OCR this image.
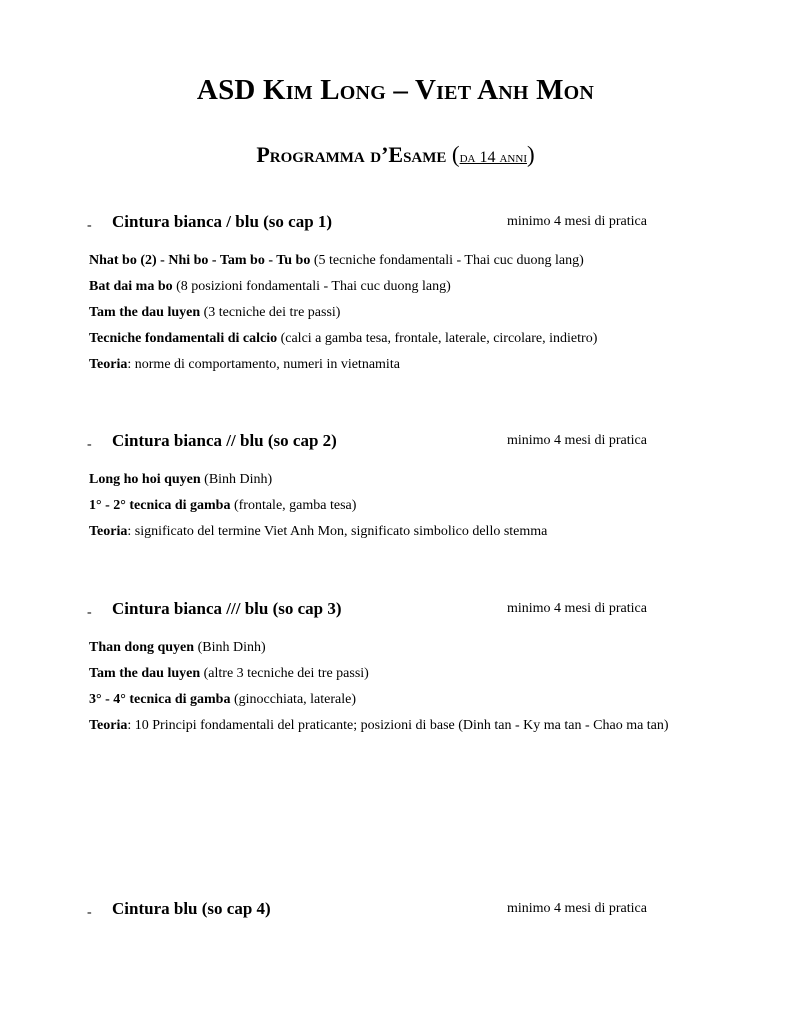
ASD Kim Long – Viet Anh Mon
Programma d’Esame (da 14 anni)
- Cintura bianca / blu (so cap 1)	minimo 4 mesi di pratica
Nhat bo (2) - Nhi bo - Tam bo - Tu bo (5 tecniche fondamentali - Thai cuc duong lang)
Bat dai ma bo (8 posizioni fondamentali - Thai cuc duong lang)
Tam the dau luyen (3 tecniche dei tre passi)
Tecniche fondamentali di calcio (calci a gamba tesa, frontale, laterale, circolare, indietro)
Teoria: norme di comportamento, numeri in vietnamita
- Cintura bianca // blu (so cap 2)	minimo 4 mesi di pratica
Long ho hoi quyen (Binh Dinh)
1° - 2° tecnica di gamba (frontale, gamba tesa)
Teoria: significato del termine Viet Anh Mon, significato simbolico dello stemma
- Cintura bianca /// blu (so cap 3)	minimo 4 mesi di pratica
Than dong quyen (Binh Dinh)
Tam the dau luyen (altre 3 tecniche dei tre passi)
3° - 4° tecnica di gamba (ginocchiata, laterale)
Teoria: 10 Principi fondamentali del praticante; posizioni di base (Dinh tan - Ky ma tan - Chao ma tan)
- Cintura blu (so cap 4)	minimo 4 mesi di pratica
